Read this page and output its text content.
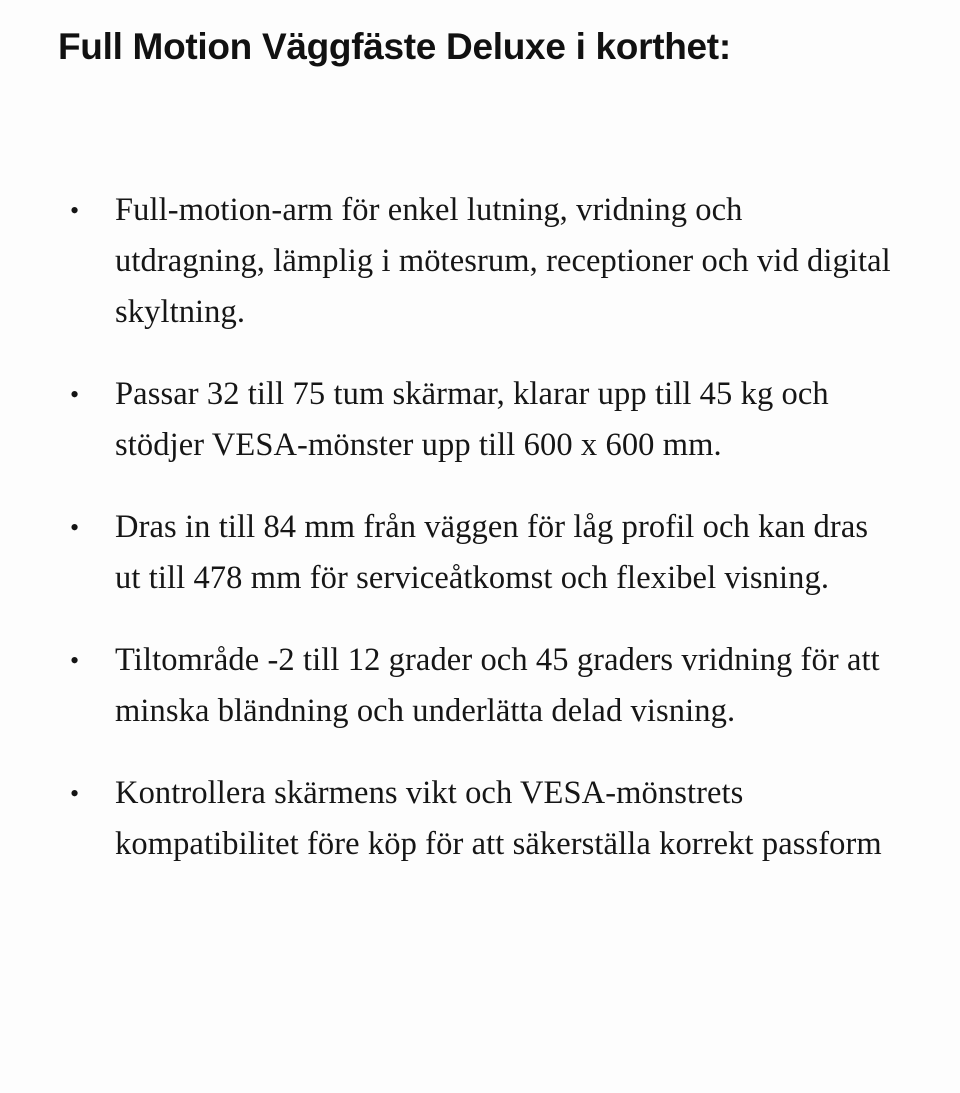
Full Motion Väggfäste Deluxe i korthet:
• Full-motion-arm för enkel lutning, vridning och utdragning, lämplig i mötesrum, receptioner och vid digital skyltning.
• Passar 32 till 75 tum skärmar, klarar upp till 45 kg och stödjer VESA-mönster upp till 600 x 600 mm.
• Dras in till 84 mm från väggen för låg profil och kan dras ut till 478 mm för serviceåtkomst och flexibel visning.
• Tiltområde -2 till 12 grader och 45 graders vridning för att minska bländning och underlätta delad visning.
• Kontrollera skärmens vikt och VESA-mönstrets kompatibilitet före köp för att säkerställa korrekt passform
